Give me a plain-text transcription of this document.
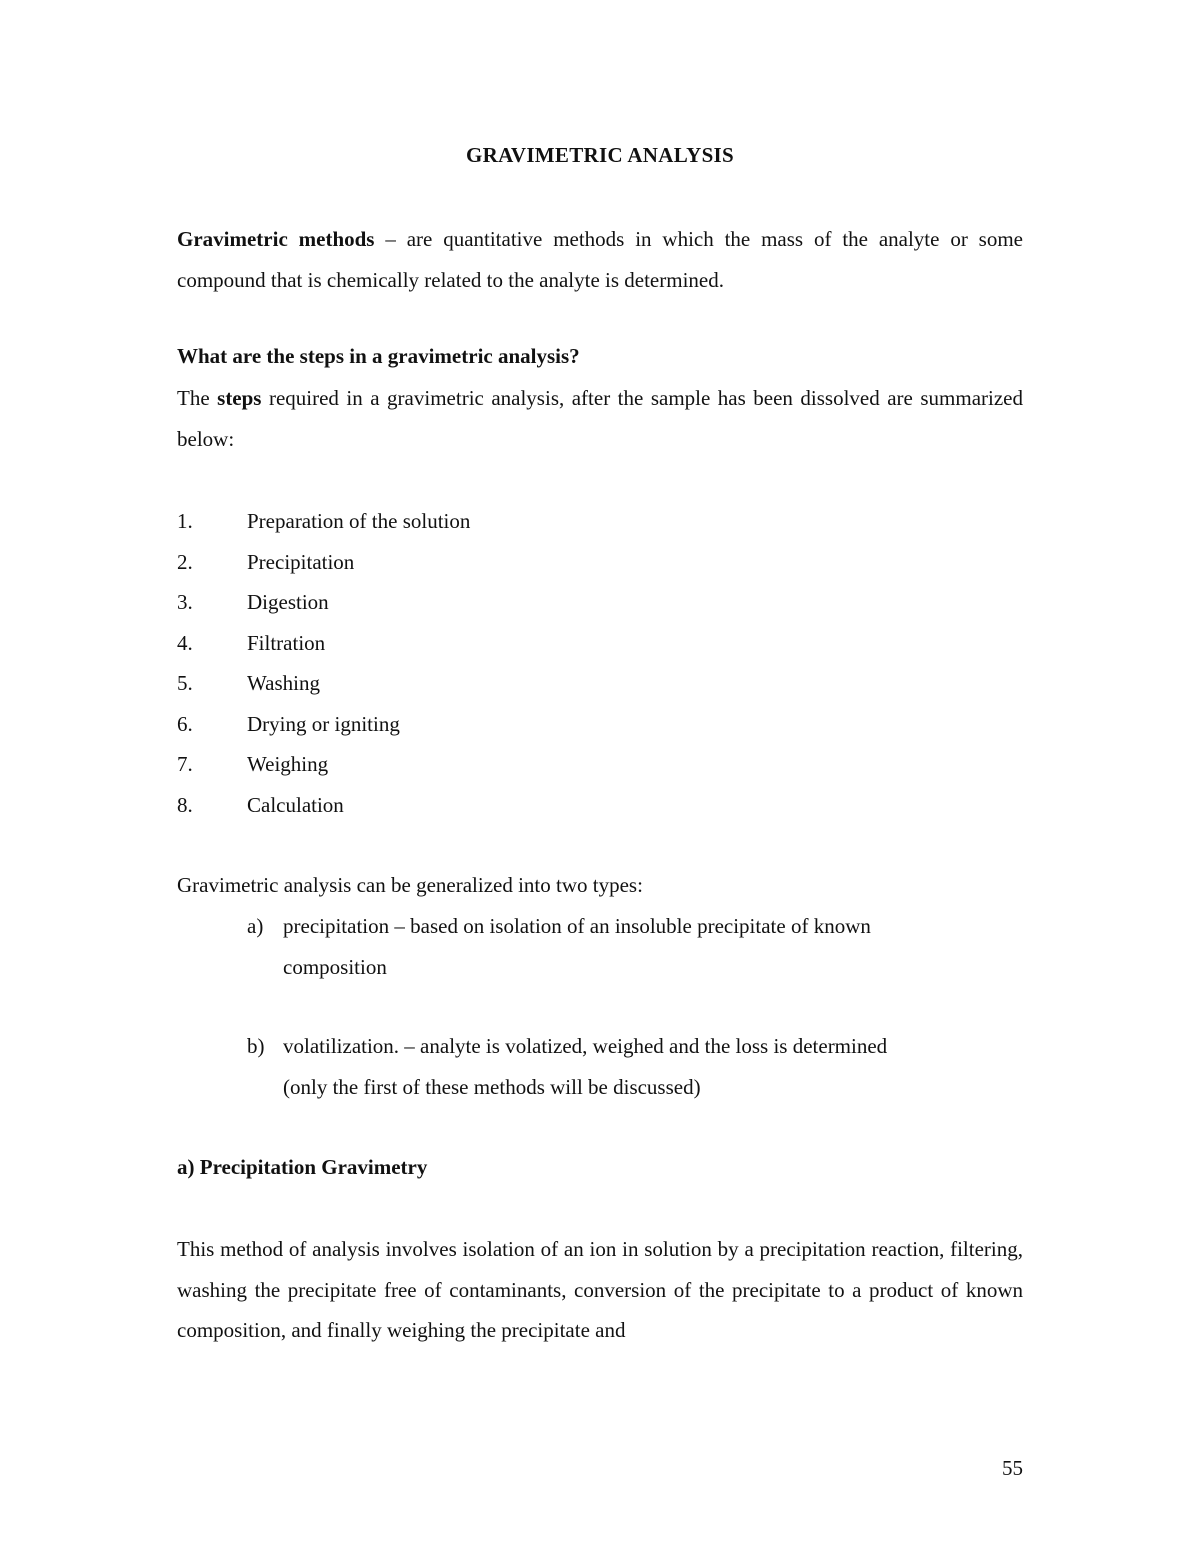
GRAVIMETRIC ANALYSIS
Gravimetric methods – are quantitative methods in which the mass of the analyte or some compound that is chemically related to the analyte is determined.
What are the steps in a gravimetric analysis?
The steps required in a gravimetric analysis, after the sample has been dissolved are summarized below:
1.	Preparation of the solution
2.	Precipitation
3.	Digestion
4.	Filtration
5.	Washing
6.	Drying or igniting
7.	Weighing
8.	Calculation
Gravimetric analysis can be generalized into two types:
a) precipitation – based on isolation of an insoluble precipitate of known
composition
b) volatilization. – analyte is volatized, weighed and the loss is determined
(only the first of these methods will be discussed)
a) Precipitation Gravimetry
This method of analysis involves isolation of an ion in solution by a precipitation reaction, filtering, washing the precipitate free of contaminants, conversion of the precipitate to a product of known composition, and finally weighing the precipitate and
55
